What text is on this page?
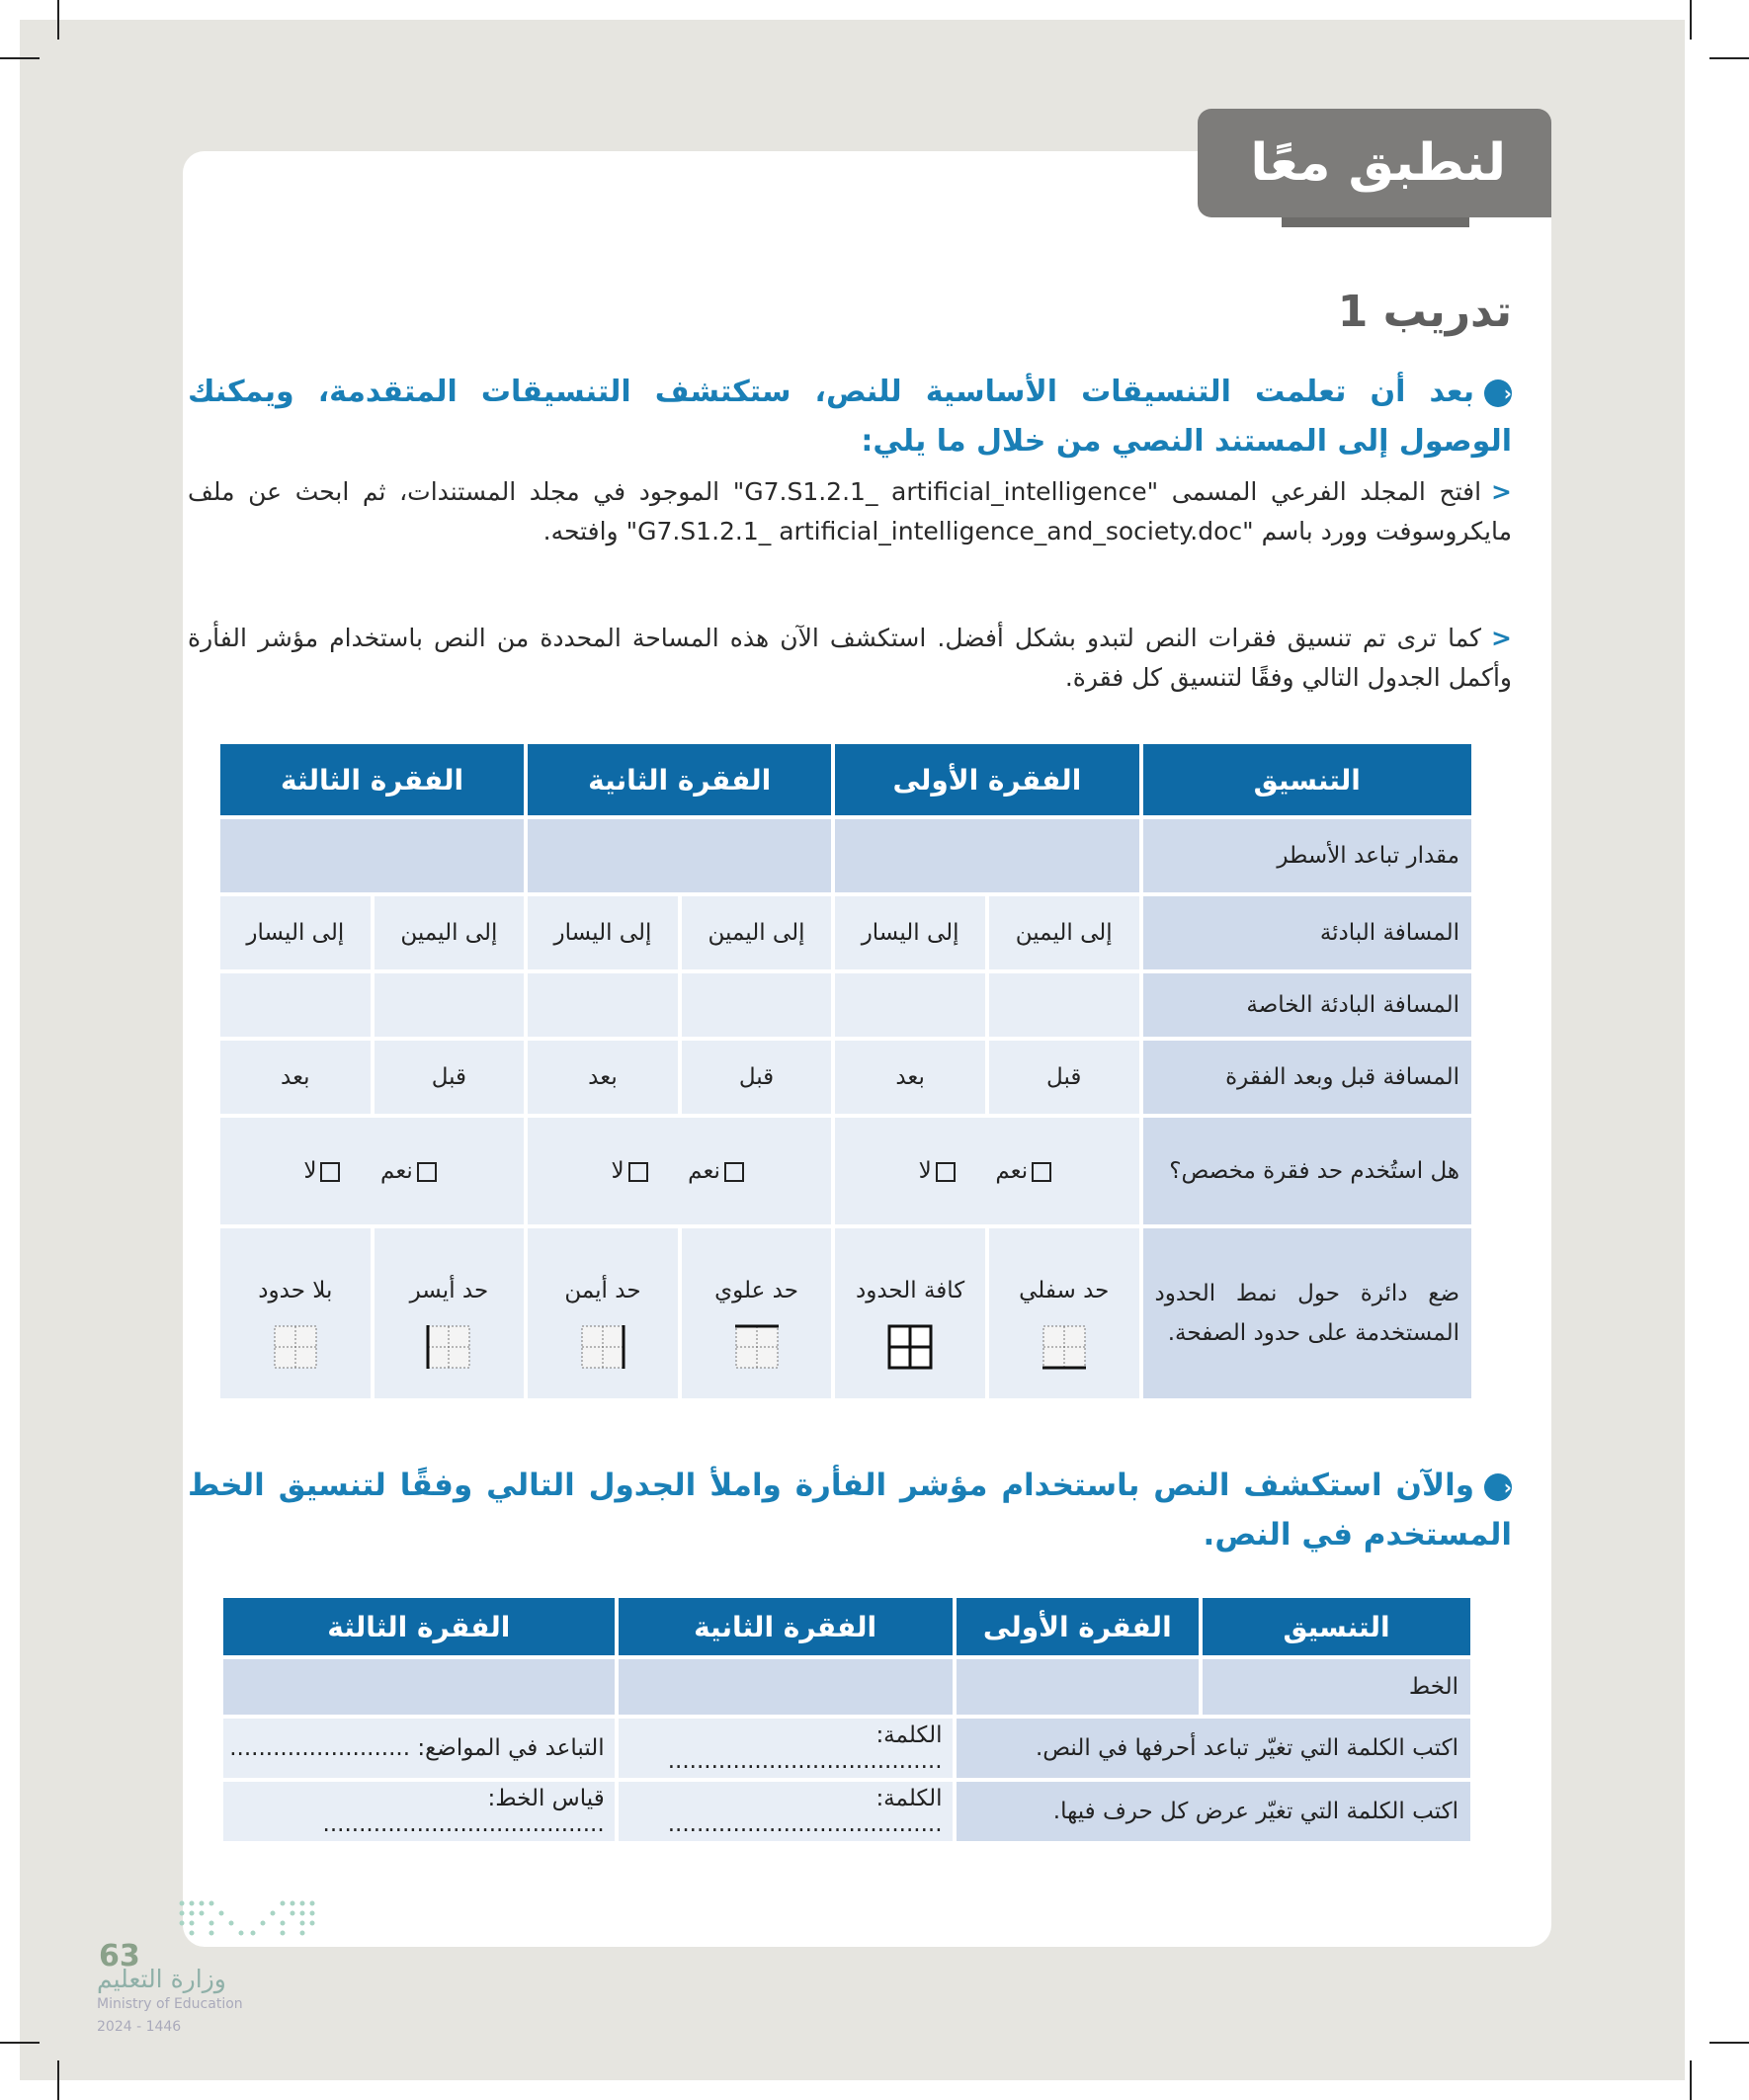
لنطبق معًا
تدريب 1
‹بعد أن تعلمت التنسيقات الأساسية للنص، ستكتشف التنسيقات المتقدمة، ويمكنك الوصول إلى المستند النصي من خلال ما يلي:
<افتح المجلد الفرعي المسمى "G7.S1.2.1_ artificial_intelligence" الموجود في مجلد المستندات، ثم ابحث عن ملف مايكروسوفت وورد باسم "G7.S1.2.1_ artificial_intelligence_and_society.doc" وافتحه.
<كما ترى تم تنسيق فقرات النص لتبدو بشكل أفضل. استكشف الآن هذه المساحة المحددة من النص باستخدام مؤشر الفأرة وأكمل الجدول التالي وفقًا لتنسيق كل فقرة.
التنسيق	الفقرة الأولى		الفقرة الثانية		الفقرة الثالثة	
مقدار تباعد الأسطر						
المسافة البادئة	إلى اليمين	إلى اليسار	إلى اليمين	إلى اليسار	إلى اليمين	إلى اليسار
المسافة البادئة الخاصة						
المسافة قبل وبعد الفقرة	قبل	بعد	قبل	بعد	قبل	بعد
هل استُخدم حد فقرة مخصص؟	نعم     لا		نعم     لا		نعم     لا	
ضع دائرة حول نمط الحدود المستخدمة على حدود الصفحة.	حد سفلي	كافة الحدود	حد علوي	حد أيمن	حد أيسر	بلا حدود
‹والآن استكشف النص باستخدام مؤشر الفأرة واملأ الجدول التالي وفقًا لتنسيق الخط المستخدم في النص.
التنسيق	الفقرة الأولى	الفقرة الثانية	الفقرة الثالثة
الخط			
اكتب الكلمة التي تغيّر تباعد أحرفها في النص.		الكلمة: ......................................	التباعد في المواضع: .........................
اكتب الكلمة التي تغيّر عرض كل حرف فيها.		الكلمة: ......................................	قياس الخط: .......................................
63
وزارة التعليم
Ministry of Education
2024 - 1446
